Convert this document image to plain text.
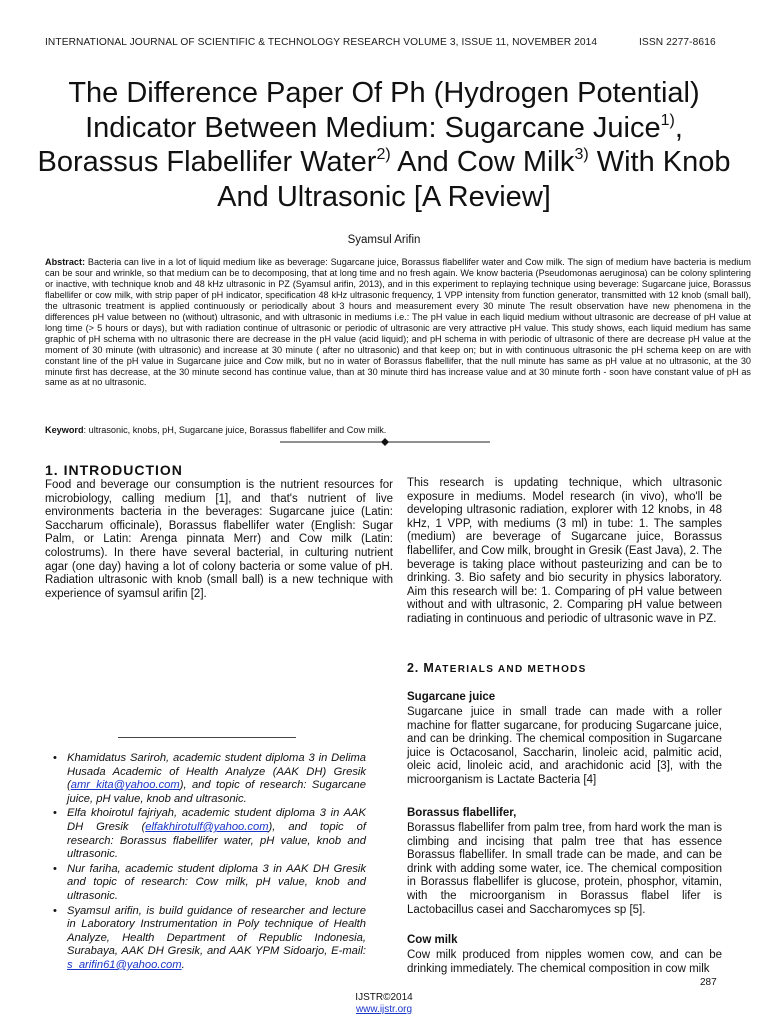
INTERNATIONAL JOURNAL OF SCIENTIFIC & TECHNOLOGY RESEARCH VOLUME 3, ISSUE 11, NOVEMBER 2014	ISSN 2277-8616
The Difference Paper Of Ph (Hydrogen Potential) Indicator Between Medium: Sugarcane Juice$^{1)}$, Borassus Flabellifer Water$^{2)}$ And Cow Milk$^{3)}$ With Knob And Ultrasonic [A Review]
Syamsul Arifin
Abstract: Bacteria can live in a lot of liquid medium like as beverage: Sugarcane juice, Borassus flabellifer water and Cow milk. The sign of medium have bacteria is medium can be sour and wrinkle, so that medium can be to decomposing, that at long time and no fresh again. We know bacteria (Pseudomonas aeruginosa) can be colony splintering or inactive, with technique knob and 48 kHz ultrasonic in PZ (Syamsul arifin, 2013), and in this experiment to replaying technique using beverage: Sugarcane juice, Borassus flabellifer or cow milk, with strip paper of pH indicator, specification 48 kHz ultrasonic frequency, 1 VPP intensity from function generator, transmitted with 12 knob (small ball), the ultrasonic treatment is applied continuously or periodically about 3 hours and measurement every 30 minute The result observation have new phenomena in the differences pH value between no (without) ultrasonic, and with ultrasonic in mediums i.e.: The pH value in each liquid medium without ultrasonic are decrease of pH value at long time (> 5 hours or days), but with radiation continue of ultrasonic or periodic of ultrasonic are very attractive pH value. This study shows, each liquid medium has same graphic of pH schema with no ultrasonic there are decrease in the pH value (acid liquid); and pH schema in with periodic of ultrasonic of there are decrease pH value at the moment of 30 minute (with ultrasonic) and increase at 30 minute ( after no ultrasonic) and that keep on; but in with continuous ultrasonic the pH schema keep on are with constant line of the pH value in Sugarcane juice and Cow milk, but no in water of Borassus flabellifer, that the null minute has same as pH value at no ultrasonic, at the 30 minute first has decrease, at the 30 minute second has continue value, than at 30 minute third has increase value and at 30 minute forth - soon have constant value of pH as same as at no ultrasonic.
Keyword: ultrasonic, knobs, pH, Sugarcane juice, Borassus flabellifer and Cow milk.
1. INTRODUCTION
Food and beverage our consumption is the nutrient resources for microbiology, calling medium [1], and that's nutrient of live environments bacteria in the beverages: Sugarcane juice (Latin: Saccharum officinale), Borassus flabellifer water (English: Sugar Palm, or Latin: Arenga pinnata Merr) and Cow milk (Latin: colostrums). In there have several bacterial, in culturing nutrient agar (one day) having a lot of colony bacteria or some value of pH. Radiation ultrasonic with knob (small ball) is a new technique with experience of syamsul arifin [2].
• Khamidatus Sariroh, academic student diploma 3 in Delima Husada Academic of Health Analyze (AAK DH) Gresik (amr_kita@yahoo.com), and topic of research: Sugarcane juice, pH value, knob and ultrasonic.
• Elfa khoirotul fajriyah, academic student diploma 3 in AAK DH Gresik (elfakhirotulf@yahoo.com), and topic of research: Borassus flabellifer water, pH value, knob and ultrasonic.
• Nur fariha, academic student diploma 3 in AAK DH Gresik and topic of research: Cow milk, pH value, knob and ultrasonic.
• Syamsul arifin, is build guidance of researcher and lecture in Laboratory Instrumentation in Poly technique of Health Analyze, Health Department of Republic Indonesia, Surabaya, AAK DH Gresik, and AAK YPM Sidoarjo, E-mail: s_arifin61@yahoo.com.
This research is updating technique, which ultrasonic exposure in mediums. Model research (in vivo), who'll be developing ultrasonic radiation, explorer with 12 knobs, in 48 kHz, 1 VPP, with mediums (3 ml) in tube: 1. The samples (medium) are beverage of Sugarcane juice, Borassus flabellifer, and Cow milk, brought in Gresik (East Java), 2. The beverage is taking place without pasteurizing and can be to drinking. 3. Bio safety and bio security in physics laboratory. Aim this research will be: 1. Comparing of pH value between without and with ultrasonic, 2. Comparing pH value between radiating in continuous and periodic of ultrasonic wave in PZ.
2. MATERIALS AND METHODS
Sugarcane juice
Sugarcane juice in small trade can made with a roller machine for flatter sugarcane, for producing Sugarcane juice, and can be drinking. The chemical composition in Sugarcane juice is Octacosanol, Saccharin, linoleic acid, palmitic acid, oleic acid, linoleic acid, and arachidonic acid [3], with the microorganism is Lactate Bacteria [4]
Borassus flabellifer,
Borassus flabellifer from palm tree, from hard work the man is climbing and incising that palm tree that has essence Borassus flabellifer. In small trade can be made, and can be drink with adding some water, ice. The chemical composition in Borassus flabellifer is glucose, protein, phosphor, vitamin, with the microorganism in Borassus flabel lifer is Lactobacillus casei and Saccharomyces sp [5].
Cow milk
Cow milk produced from nipples women cow, and can be drinking immediately. The chemical composition in cow milk
287
IJSTR©2014
www.ijstr.org
